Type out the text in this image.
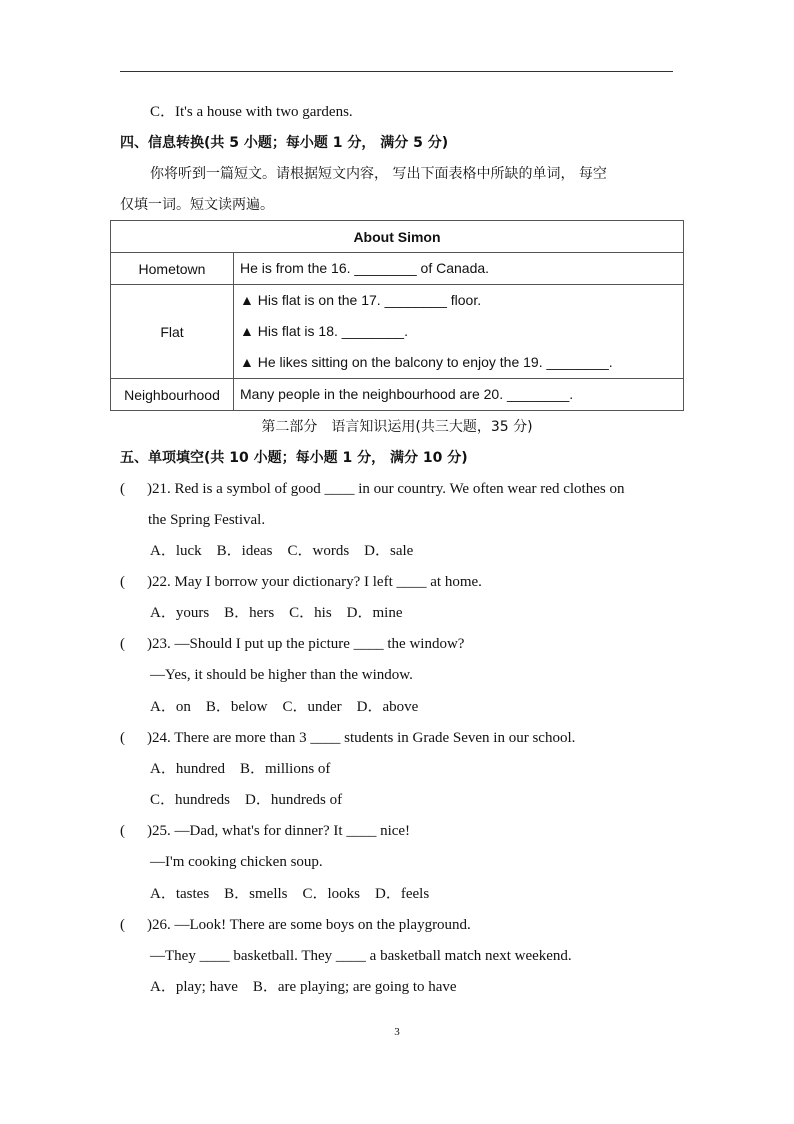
C．It's a house with two gardens.
四、信息转换(共 5 小题；每小题 1 分， 满分 5 分)
你将听到一篇短文。请根据短文内容， 写出下面表格中所缺的单词， 每空
仅填一词。短文读两遍。
About Simon	
Hometown	He is from the 16. ________ of Canada.

Flat	▲ His flat is on the 17. ________ floor.
▲ His flat is 18. ________.
▲ He likes sitting on the balcony to enjoy the 19. ________.

Neighbourhood	Many people in the neighbourhood are 20. ________.
第二部分　语言知识运用(共三大题，35 分)
五、单项填空(共 10 小题；每小题 1 分， 满分 10 分)
( )21. Red is a symbol of good ____ in our country. We often wear red clothes on
the Spring Festival.
A．luck　B．ideas　C．words　D．sale
( )22. May I borrow your dictionary? I left ____ at home.
A．yours　B．hers　C．his　D．mine
( )23. —Should I put up the picture ____ the window?
—Yes, it should be higher than the window.
A．on　B．below　C．under　D．above
( )24. There are more than 3 ____ students in Grade Seven in our school.
A．hundred　B．millions of
C．hundreds　D．hundreds of
( )25. —Dad, what's for dinner? It ____ nice!
—I'm cooking chicken soup.
A．tastes　B．smells　C．looks　D．feels
( )26. —Look! There are some boys on the playground.
—They ____ basketball. They ____ a basketball match next weekend.
A．play; have　B．are playing; are going to have
3
